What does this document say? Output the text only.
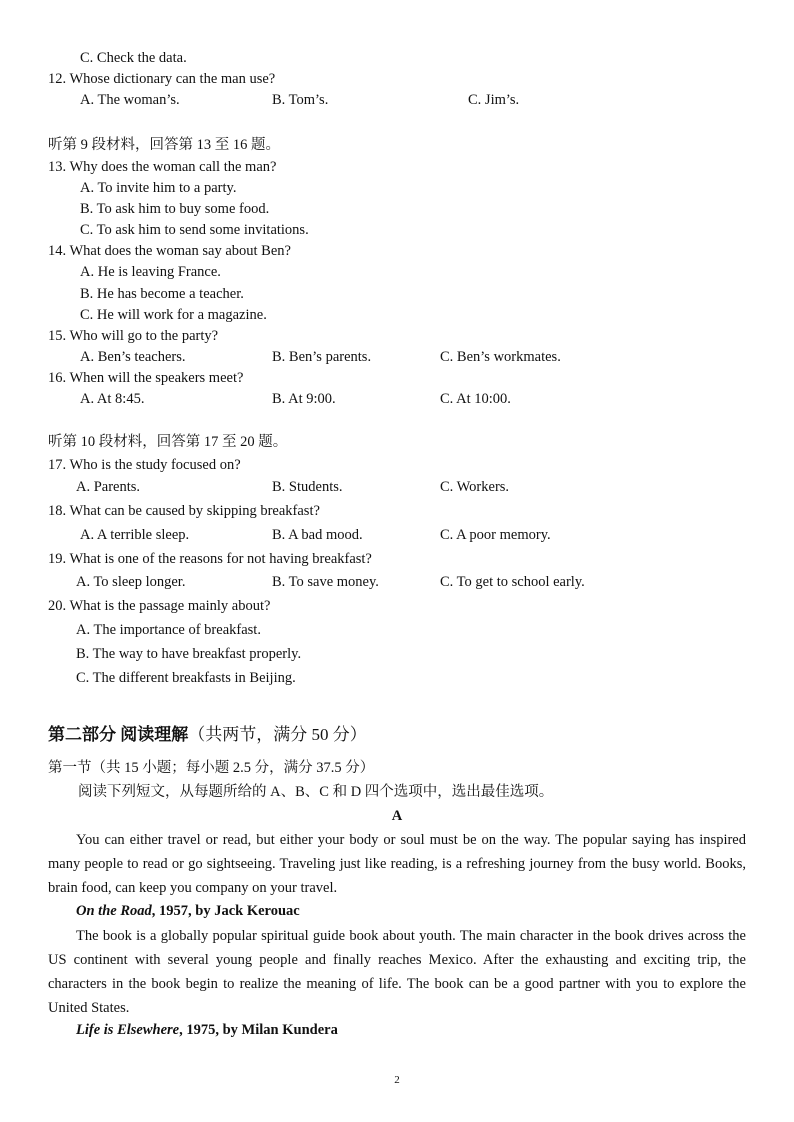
C. Check the data.
12. Whose dictionary can the man use?
A. The woman’s.	B. Tom’s.	C. Jim’s.
听第 9 段材料，回答第 13 至 16 题。
13. Why does the woman call the man?
A. To invite him to a party.
B. To ask him to buy some food.
C. To ask him to send some invitations.
14. What does the woman say about Ben?
A. He is leaving France.
B. He has become a teacher.
C. He will work for a magazine.
15. Who will go to the party?
A. Ben’s teachers.	B. Ben’s parents.	C. Ben’s workmates.
16. When will the speakers meet?
A. At 8:45.	B. At 9:00.	C. At 10:00.
听第 10 段材料，回答第 17 至 20 题。
17. Who is the study focused on?
A. Parents.	B. Students.	C. Workers.
18. What can be caused by skipping breakfast?
A. A terrible sleep.	B. A bad mood.	C. A poor memory.
19. What is one of the reasons for not having breakfast?
A. To sleep longer.	B. To save money.	C. To get to school early.
20. What is the passage mainly about?
A. The importance of breakfast.
B. The way to have breakfast properly.
C. The different breakfasts in Beijing.
第二部分 阅读理解（共两节，满分 50 分）
第一节（共 15 小题；每小题 2.5 分，满分 37.5 分）
阅读下列短文，从每题所给的 A、B、C 和 D 四个选项中，选出最佳选项。
A
You can either travel or read, but either your body or soul must be on the way. The popular saying has inspired many people to read or go sightseeing. Traveling just like reading, is a refreshing journey from the busy world. Books, brain food, can keep you company on your travel.
On the Road, 1957, by Jack Kerouac
The book is a globally popular spiritual guide book about youth. The main character in the book drives across the US continent with several young people and finally reaches Mexico. After the exhausting and exciting trip, the characters in the book begin to realize the meaning of life. The book can be a good partner with you to explore the United States.
Life is Elsewhere, 1975, by Milan Kundera
2
